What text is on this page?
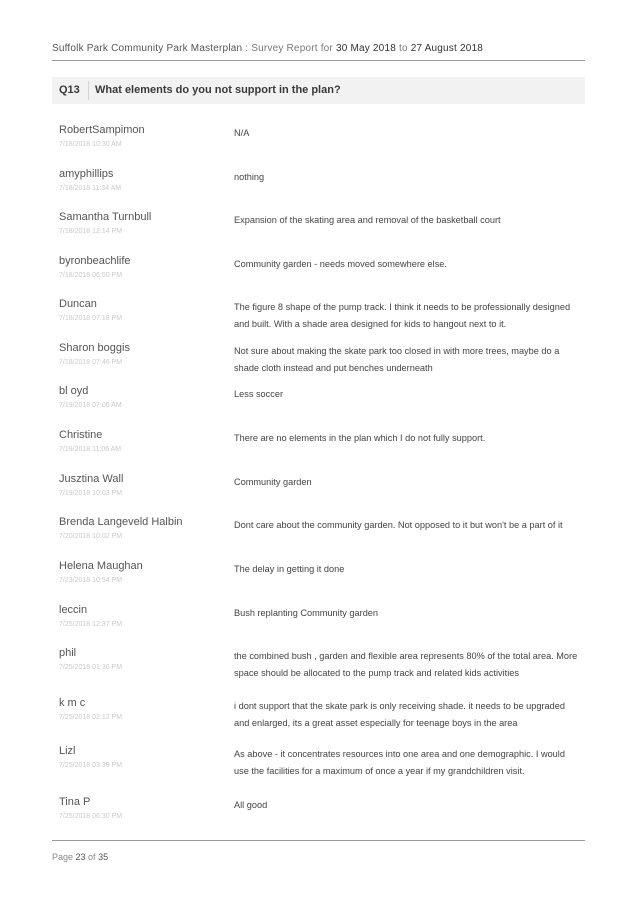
Suffolk Park Community Park Masterplan : Survey Report for 30 May 2018 to 27 August 2018
Q13 What elements do you not support in the plan?
RobertSampimon
7/18/2018 10:30 AM
N/A
amyphillips
7/18/2018 11:34 AM
nothing
Samantha Turnbull
7/18/2018 12:14 PM
Expansion of the skating area and removal of the basketball court
byronbeachlife
7/18/2018 06:50 PM
Community garden - needs moved somewhere else.
Duncan
7/18/2018 07:18 PM
The figure 8 shape of the pump track. I think it needs to be professionally designed and built. With a shade area designed for kids to hangout next to it.
Sharon boggis
7/18/2018 07:46 PM
Not sure about making the skate park too closed in with more trees, maybe do a shade cloth instead and put benches underneath
bl oyd
7/19/2018 07:06 AM
Less soccer
Christine
7/19/2018 11:06 AM
There are no elements in the plan which I do not fully support.
Jusztina Wall
7/19/2018 10:03 PM
Community garden
Brenda Langeveld Halbin
7/20/2018 10:02 PM
Dont care about the community garden. Not opposed to it but won't be a part of it
Helena Maughan
7/23/2018 10:54 PM
The delay in getting it done
leccin
7/25/2018 12:37 PM
Bush replanting Community garden
phil
7/25/2018 01:36 PM
the combined bush , garden and flexible area represents 80% of the total area. More space should be allocated to the pump track and related kids activities
k m c
7/25/2018 02:12 PM
i dont support that the skate park is only receiving shade. it needs to be upgraded and enlarged, its a great asset especially for teenage boys in the area
Lizl
7/25/2018 03:39 PM
As above - it concentrates resources into one area and one demographic. I would use the facilities for a maximum of once a year if my grandchildren visit.
Tina P
7/25/2018 06:30 PM
All good
Page 23 of 35
